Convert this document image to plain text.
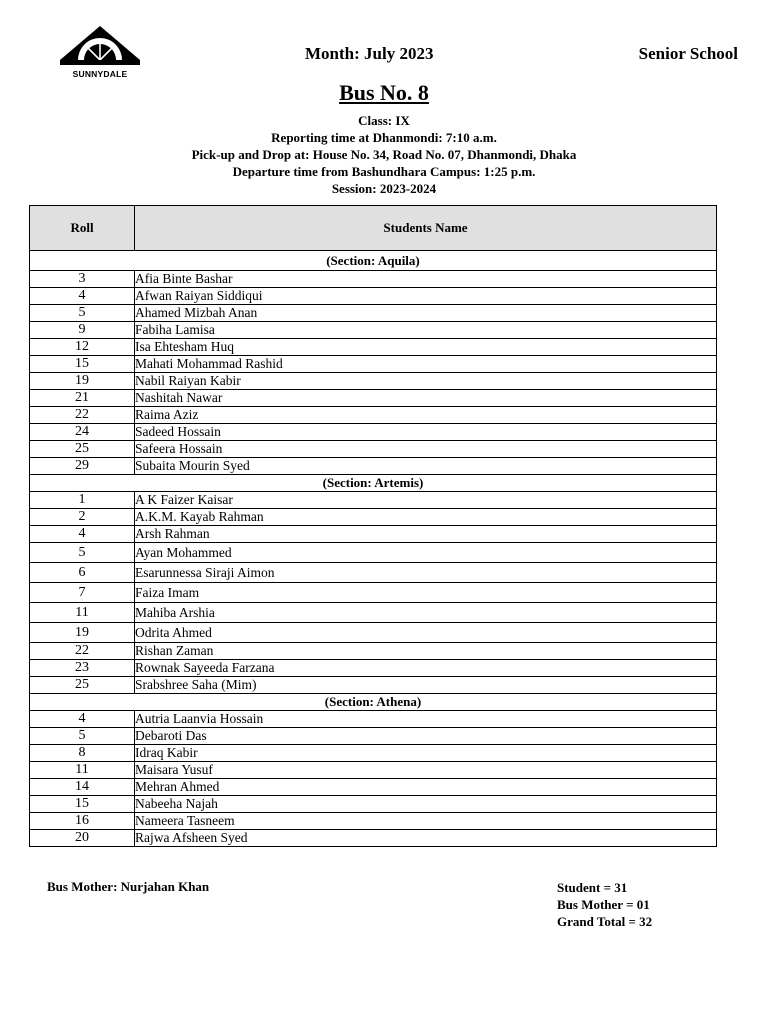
SUNNYDALE
Month: July 2023	Senior School
Bus No. 8
Class: IX
Reporting time at Dhanmondi: 7:10 a.m.
Pick-up and Drop at: House No. 34, Road No. 07, Dhanmondi, Dhaka
Departure time from Bashundhara Campus: 1:25 p.m.
Session: 2023-2024
Roll	Students Name
(Section: Aquila)	
3	Afia Binte Bashar
4	Afwan Raiyan Siddiqui
5	Ahamed Mizbah Anan
9	Fabiha Lamisa
12	Isa Ehtesham Huq
15	Mahati Mohammad Rashid
19	Nabil Raiyan Kabir
21	Nashitah Nawar
22	Raima Aziz
24	Sadeed Hossain
25	Safeera Hossain
29	Subaita Mourin Syed
(Section: Artemis)	
1	A K Faizer Kaisar
2	A.K.M. Kayab Rahman
4	Arsh Rahman
5	Ayan Mohammed
6	Esarunnessa Siraji Aimon
7	Faiza Imam
11	Mahiba Arshia
19	Odrita Ahmed
22	Rishan Zaman
23	Rownak Sayeeda Farzana
25	Srabshree Saha (Mim)
(Section: Athena)	
4	Autria Laanvia Hossain
5	Debaroti Das
8	Idraq Kabir
11	Maisara Yusuf
14	Mehran Ahmed
15	Nabeeha Najah
16	Nameera Tasneem
20	Rajwa Afsheen Syed
Bus Mother: Nurjahan Khan	Student = 31
Bus Mother = 01
Grand Total = 32
